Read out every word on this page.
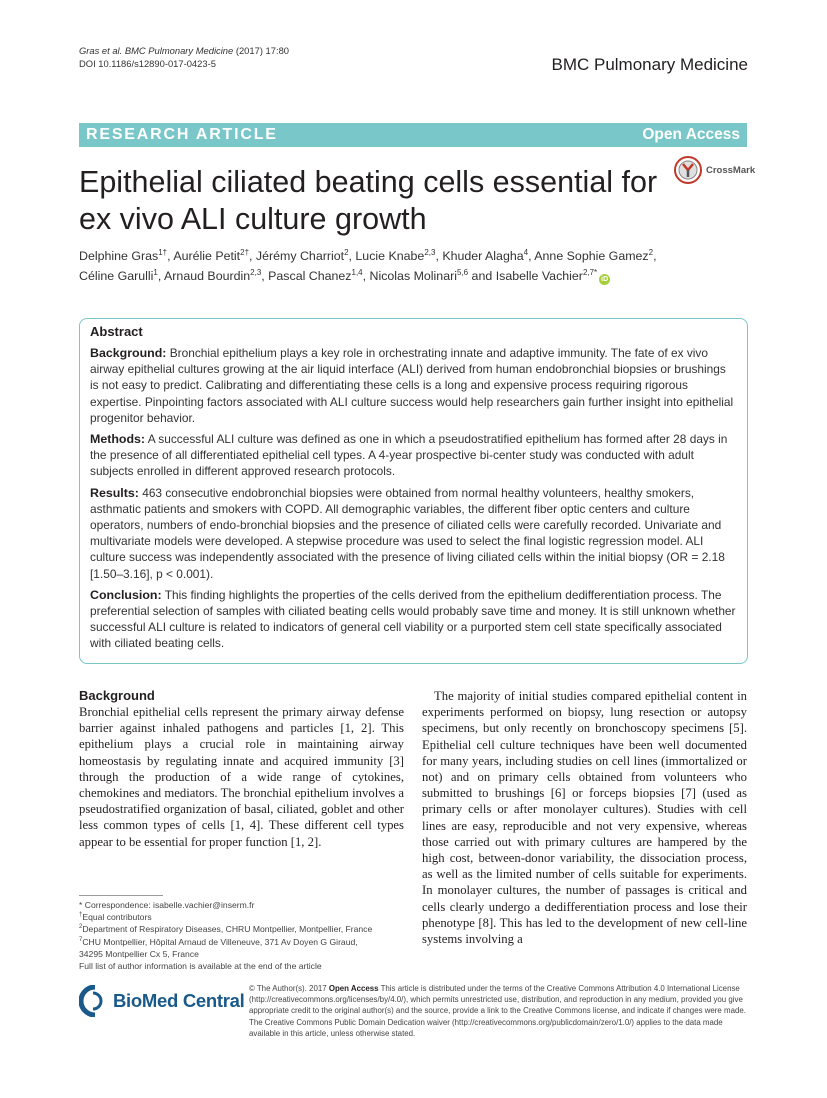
Gras et al. BMC Pulmonary Medicine (2017) 17:80
DOI 10.1186/s12890-017-0423-5	BMC Pulmonary Medicine
RESEARCH ARTICLE	Open Access
Epithelial ciliated beating cells essential for ex vivo ALI culture growth
CrossMark
Delphine Gras$^{1\dagger}$, Aurélie Petit$^{2\dagger}$, Jérémy Charriot$^2$, Lucie Knabe$^{2,3}$, Khuder Alagha$^4$, Anne Sophie Gamez$^2$,
Céline Garulli$^1$, Arnaud Bourdin$^{2,3}$, Pascal Chanez$^{1,4}$, Nicolas Molinari$^{5,6}$ and Isabelle Vachier$^{2,7*}$iD
Abstract

Background: Bronchial epithelium plays a key role in orchestrating innate and adaptive immunity. The fate of ex vivo airway epithelial cultures growing at the air liquid interface (ALI) derived from human endobronchial biopsies or brushings is not easy to predict. Calibrating and differentiating these cells is a long and expensive process requiring rigorous expertise. Pinpointing factors associated with ALI culture success would help researchers gain further insight into epithelial progenitor behavior.

Methods: A successful ALI culture was defined as one in which a pseudostratified epithelium has formed after 28 days in the presence of all differentiated epithelial cell types. A 4-year prospective bi-center study was conducted with adult subjects enrolled in different approved research protocols.

Results: 463 consecutive endobronchial biopsies were obtained from normal healthy volunteers, healthy smokers, asthmatic patients and smokers with COPD. All demographic variables, the different fiber optic centers and culture operators, numbers of endo-bronchial biopsies and the presence of ciliated cells were carefully recorded. Univariate and multivariate models were developed. A stepwise procedure was used to select the final logistic regression model. ALI culture success was independently associated with the presence of living ciliated cells within the initial biopsy (OR = 2.18 [1.50–3.16], p < 0.001).

Conclusion: This finding highlights the properties of the cells derived from the epithelium dedifferentiation process. The preferential selection of samples with ciliated beating cells would probably save time and money. It is still unknown whether successful ALI culture is related to indicators of general cell viability or a purported stem cell state specifically associated with ciliated beating cells.

Background

Bronchial epithelial cells represent the primary airway defense barrier against inhaled pathogens and particles [1, 2]. This epithelium plays a crucial role in maintaining airway homeostasis by regulating innate and acquired immunity [3] through the production of a wide range of cytokines, chemokines and mediators. The bronchial epithelium involves a pseudostratified organization of basal, ciliated, goblet and other less common types of cells [1, 4]. These different cell types appear to be essential for proper function [1, 2].

The majority of initial studies compared epithelial content in experiments performed on biopsy, lung resection or autopsy specimens, but only recently on bronchoscopy specimens [5]. Epithelial cell culture techniques have been well documented for many years, including studies on cell lines (immortalized or not) and on primary cells obtained from volunteers who submitted to brushings [6] or forceps biopsies [7] (used as primary cells or after monolayer cultures). Studies with cell lines are easy, reproducible and not very expensive, whereas those carried out with primary cultures are hampered by the high cost, between-donor variability, the dissociation process, as well as the limited number of cells suitable for experiments. In monolayer cultures, the number of passages is critical and cells clearly undergo a dedifferentiation process and lose their phenotype [8]. This has led to the development of new cell-line systems involving a

* Correspondence: isabelle.vachier@inserm.fr
†Equal contributors
$^2$Department of Respiratory Diseases, CHRU Montpellier, Montpellier, France
$^7$CHU Montpellier, Hôpital Arnaud de Villeneuve, 371 Av Doyen G Giraud,
34295 Montpellier Cx 5, France
Full list of author information is available at the end of the article
BioMed Central
© The Author(s). 2017 Open Access This article is distributed under the terms of the Creative Commons Attribution 4.0 International License (http://creativecommons.org/licenses/by/4.0/), which permits unrestricted use, distribution, and reproduction in any medium, provided you give appropriate credit to the original author(s) and the source, provide a link to the Creative Commons license, and indicate if changes were made. The Creative Commons Public Domain Dedication waiver (http://creativecommons.org/publicdomain/zero/1.0/) applies to the data made available in this article, unless otherwise stated.
